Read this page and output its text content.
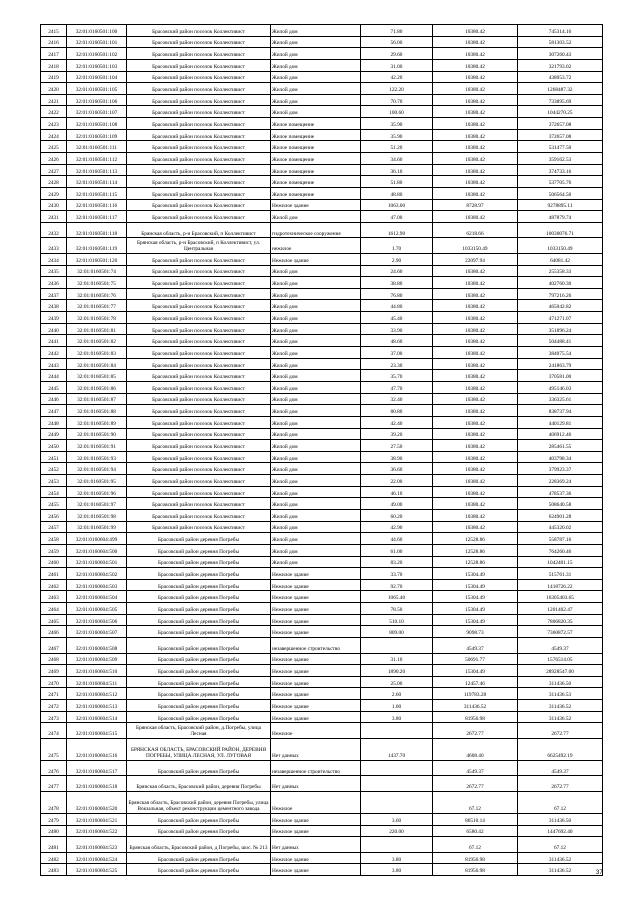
2415	32:01:0160501:100	Брасовский район поселок Коллективист	Жилой дом	71.80	10380.42	745314.16
2416	32:01:0160501:101	Брасовский район поселок Коллективист	Жилой дом	56.00	10380.42	581303.52
2417	32:01:0160501:102	Брасовский район поселок Коллективист	Жилой дом	29.60	10380.42	307260.43
2418	32:01:0160501:103	Брасовский район поселок Коллективист	Жилой дом	31.00	10380.42	321793.02
2419	32:01:0160501:104	Брасовский район поселок Коллективист	Жилой дом	42.20	10380.42	438053.72
2420	32:01:0160501:105	Брасовский район поселок Коллективист	Жилой дом	122.20	10380.42	1268487.32
2421	32:01:0160501:106	Брасовский район поселок Коллективист	Жилой дом	70.70	10380.42	733895.69
2422	32:01:0160501:107	Брасовский район поселок Коллективист	Жилой дом	100.60	10380.42	1044270.25
2423	32:01:0160501:108	Брасовский район поселок Коллективист	Жилое помещение	35.90	10380.42	372657.08
2424	32:01:0160501:109	Брасовский район поселок Коллективист	Жилое помещение	35.90	10380.42	372657.08
2425	32:01:0160501:111	Брасовский район поселок Коллективист	Жилое помещение	51.20	10380.42	531477.50
2426	32:01:0160501:112	Брасовский район поселок Коллективист	Жилое помещение	34.60	10380.42	359162.53
2427	32:01:0160501:113	Брасовский район поселок Коллективист	Жилое помещение	36.10	10380.42	374733.16
2428	32:01:0160501:114	Брасовский район поселок Коллективист	Жилое помещение	51.80	10380.42	537705.76
2429	32:01:0160501:115	Брасовский район поселок Коллективист	Жилое помещение	48.80	10380.42	506564.50
2430	32:01:0160501:116	Брасовский район поселок Коллективист	Нежилое здание	1063.00	8728.97	9278895.11
2431	32:01:0160501:117	Брасовский район поселок Коллективист	Жилой дом	47.00	10380.42	487879.74
2432	32:01:0160501:118	Брянская область, р-н Брасовский, п Коллективист	гидротехническое сооружение	1612.90	6218.66	10030076.71
2433	32:01:0160501:119	Брянская область, р-н Брасовский, п Коллективист, ул. Центральная	нежилое	1.70	1033150.49	1033150.49
2434	32:01:0160501:120	Брасовский район поселок Коллективист	Нежилое здание	2.90	22097.94	64081.42
2435	32:01:0160501:74	Брасовский район поселок Коллективист	Жилой дом	24.60	10380.42	255358.33
2436	32:01:0160501:75	Брасовский район поселок Коллективист	Жилой дом	38.80	10380.42	402760.30
2437	32:01:0160501:76	Брасовский район поселок Коллективист	Жилой дом	76.80	10380.42	797216.26
2438	32:01:0160501:77	Брасовский район поселок Коллективист	Жилой дом	44.80	10380.42	465042.82
2439	32:01:0160501:78	Брасовский район поселок Коллективист	Жилой дом	45.40	10380.42	471271.07
2440	32:01:0160501:81	Брасовский район поселок Коллективист	Жилой дом	33.90	10380.42	351896.24
2441	32:01:0160501:82	Брасовский район поселок Коллективист	Жилой дом	48.60	10380.42	504488.41
2442	32:01:0160501:83	Брасовский район поселок Коллективист	Жилой дом	37.00	10380.42	384075.54
2443	32:01:0160501:84	Брасовский район поселок Коллективист	Жилой дом	23.30	10380.42	241863.79
2444	32:01:0160501:85	Брасовский район поселок Коллективист	Жилой дом	35.70	10380.42	370581.00
2445	32:01:0160501:86	Брасовский район поселок Коллективист	Жилой дом	47.70	10380.42	495146.03
2446	32:01:0160501:87	Брасовский район поселок Коллективист	Жилой дом	32.40	10380.42	336325.61
2447	32:01:0160501:88	Брасовский район поселок Коллективист	Жилой дом	80.80	10380.42	838737.94
2448	32:01:0160501:89	Брасовский район поселок Коллективист	Жилой дом	42.40	10380.42	440129.81
2449	32:01:0160501:90	Брасовский район поселок Коллективист	Жилой дом	39.20	10380.42	406912.46
2450	32:01:0160501:91	Брасовский район поселок Коллективист	Жилой дом	27.50	10380.42	285461.55
2451	32:01:0160501:93	Брасовский район поселок Коллективист	Жилой дом	38.90	10380.42	403798.34
2452	32:01:0160501:94	Брасовский район поселок Коллективист	Жилой дом	36.60	10380.42	379923.37
2453	32:01:0160501:95	Брасовский район поселок Коллективист	Жилой дом	22.00	10380.42	228369.24
2454	32:01:0160501:96	Брасовский район поселок Коллективист	Жилой дом	46.10	10380.42	478537.36
2455	32:01:0160501:97	Брасовский район поселок Коллективист	Жилой дом	49.00	10380.42	508640.58
2456	32:01:0160501:98	Брасовский район поселок Коллективист	Жилой дом	60.20	10380.42	624901.28
2457	32:01:0160501:99	Брасовский район поселок Коллективист	Жилой дом	42.90	10380.42	445320.02
2458	32:01:0160604:499	Брасовский район деревня Погребы	Жилой дом	44.60	12528.86	558787.16
2459	32:01:0160604:500	Брасовский район деревня Погребы	Жилой дом	61.00	12528.86	764260.46
2460	32:01:0160604:501	Брасовский район деревня Погребы	Жилой дом	83.20	12528.86	1042401.15
2461	32:01:0160604:502	Брасовский район деревня Погребы	Нежилое здание	33.70	15304.49	515761.31
2462	32:01:0160604:503	Брасовский район деревня Погребы	Нежилое здание	92.70	15304.49	1418726.22
2463	32:01:0160604:504	Брасовский район деревня Погребы	Нежилое здание	1065.40	15304.49	16305403.65
2464	32:01:0160604:505	Брасовский район деревня Погребы	Нежилое здание	78.50	15304.49	1201402.47
2465	32:01:0160604:506	Брасовский район деревня Погребы	Нежилое здание	510.10	15304.49	7806820.35
2466	32:01:0160604:507	Брасовский район деревня Погребы	Нежилое здание	809.00	9098.73	7360872.57
2467	32:01:0160604:508	Брасовский район деревня Погребы	незавершенное строительство		4549.37	4549.37
2468	32:01:0160604:509	Брасовский район деревня Погребы	Нежилое здание	31.10	50691.77	1576514.05
2469	32:01:0160604:510	Брасовский район деревня Погребы	Нежилое здание	1890.20	15304.49	28928547.00
2470	32:01:0160604:511	Брасовский район деревня Погребы	Нежилое здание	25.00	12457.46	311436.50
2471	32:01:0160604:512	Брасовский район деревня Погребы	Нежилое здание	2.60	119783.28	311436.53
2472	32:01:0160604:513	Брасовский район деревня Погребы	Нежилое здание	1.00	311436.52	311436.52
2473	32:01:0160604:514	Брасовский район деревня Погребы	Нежилое здание	3.80	81956.98	311436.52
2474	32:01:0160604:515	Брянская область, Брасовский район, д.Погребы, улица Лесная	Нежилое		2672.77	2672.77
2475	32:01:0160604:516	БРЯНСКАЯ ОБЛАСТЬ, БРАСОВСКИЙ РАЙОН, ДЕРЕВНЯ ПОГРЕБЫ, УЛИЦА ЛЕСНАЯ, УЛ. ЛУГОВАЯ	Нет данных	1437.70	4608.40	6625492.19
2476	32:01:0160604:517	Брасовский район деревня Погребы	незавершенное строительство		4549.37	4549.37
2477	32:01:0160604:518	Брянская область, Брасовский район, деревня Погребы	Нет данных		2672.77	2672.77
2478	32:01:0160604:520	Брянская область, Брасовский район, деревня Погребы, улица Вокзальная, объект реконструкции цементного завода	Нежилое		67.12	67.12
2479	32:01:0160604:521	Брасовский район деревня Погребы	Нежилое здание	3.60	86510.14	311436.50
2480	32:01:0160604:522	Брасовский район деревня Погребы	Нежилое здание	220.00	6580.42	1447692.40
2481	32:01:0160604:523	Брянская область, Брасовский район, д Погребы, шос. № 213	Нет данных		67.12	67.12
2482	32:01:0160604:524	Брасовский район деревня Погребы	Нежилое здание	3.80	81956.98	311436.52
2483	32:01:0160604:525	Брасовский район деревня Погребы	Нежилое здание	3.80	81956.98	311436.52	37
